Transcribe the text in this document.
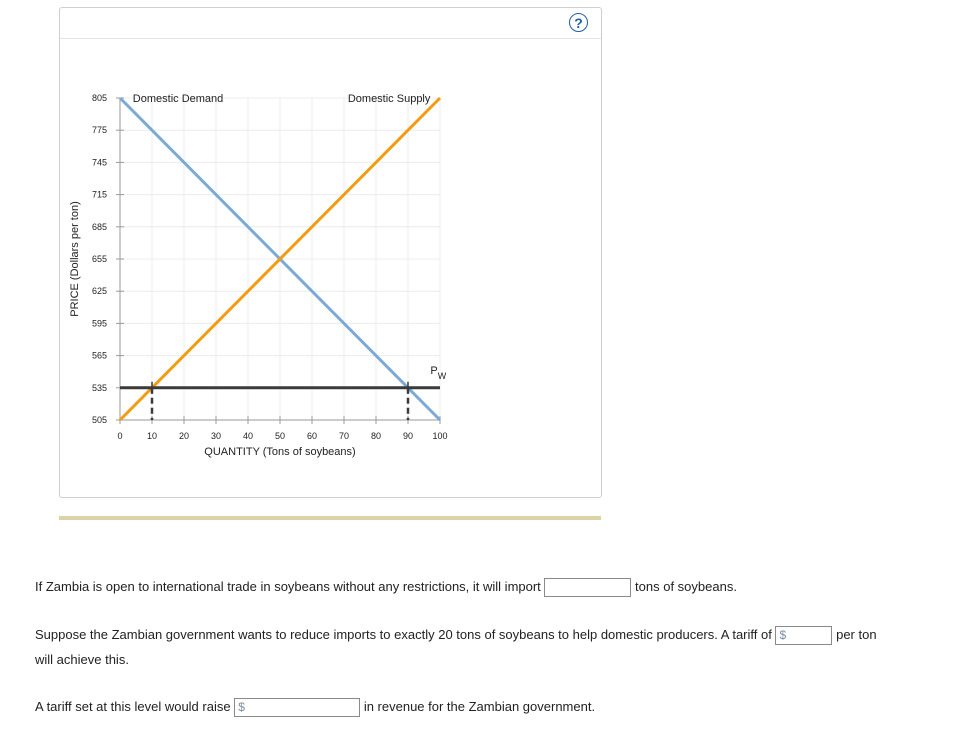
?
805
775
745
715
685
655
625
595
565
535
505
0	10 20 30 40 50 60 70 80 90 100
QUANTITY (Tons of soybeans)
PRICE (Dollars per ton)
Domestic Demand	Domestic Supply
$P_W$
If Zambia is open to international trade in soybeans without any restrictions, it will import	tons of soybeans.
Suppose the Zambian government wants to reduce imports to exactly 20 tons of soybeans to help domestic producers. A tariff of $	per ton
will achieve this.
A tariff set at this level would raise $	in revenue for the Zambian government.
